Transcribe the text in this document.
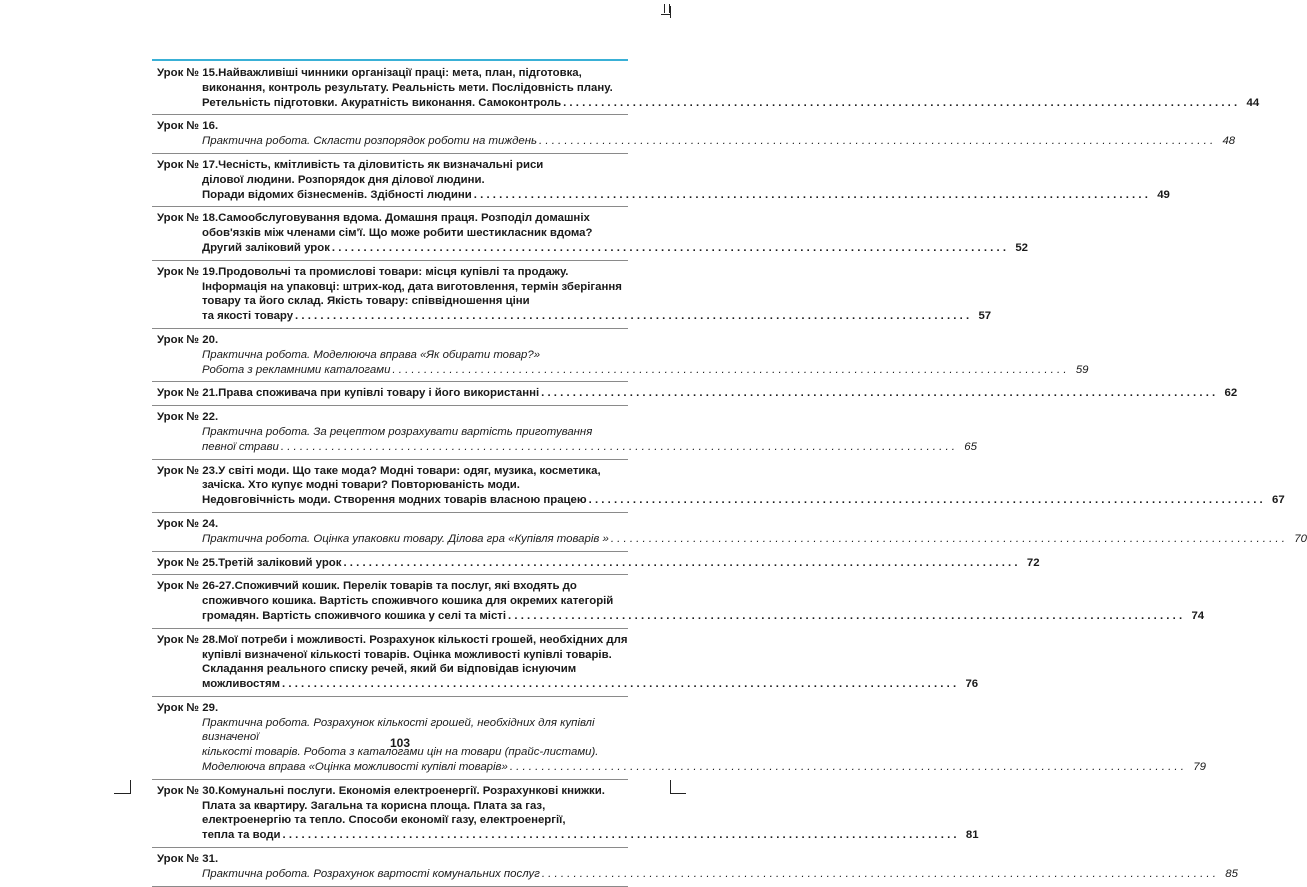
Урок № 15. Найважливіші чинники організації праці: мета, план, підготовка,
виконання, контроль результату. Реальність мети. Послідовність плану.
Ретельність підготовки. Акуратність виконання. Самоконтроль . . .	44
Урок № 16.

Практична робота. Скласти розпорядок роботи на тиждень . . .	48
Урок № 17. Чесність, кмітливість та діловитість як визначальні риси
ділової людини. Розпорядок дня ділової людини.
Поради відомих бізнесменів. Здібності людини . . .	49
Урок № 18. Самообслуговування вдома. Домашня праця. Розподіл домашніх
обов'язків між членами сім'ї. Що може робити шестикласник вдома?
Другий заліковий урок . . .	52
Урок № 19. Продовольчі та промислові товари: місця купівлі та продажу.
Інформація на упаковці: штрих-код, дата виготовлення, термін зберігання
товару та його склад. Якість товару: співвідношення ціни
та якості товару . . .	57
Урок № 20.

Практична робота. Моделююча вправа «Як обирати товар?»
Робота з рекламними каталогами . . .	59
Урок № 21. Права споживача при купівлі товару і його використанні . . .	62
Урок № 22.

Практична робота. За рецептом розрахувати вартість приготування
певної страви . . .	65
Урок № 23. У світі моди. Що таке мода? Модні товари: одяг, музика, косметика,
зачіска. Хто купує модні товари? Повторюваність моди.
Недовговічність моди. Створення модних товарів власною працею . . .	67
Урок № 24.

Практична робота. Оцінка упаковки товару. Ділова гра «Купівля товарів » . . .	70
Урок № 25. Третій заліковий урок . . .	72
Урок № 26-27. Споживчий кошик. Перелік товарів та послуг, які входять до
споживчого кошика. Вартість споживчого кошика для окремих категорій
громадян. Вартість споживчого кошика у селі та місті . . .	74
Урок № 28. Мої потреби і можливості. Розрахунок кількості грошей, необхідних для
купівлі визначеної кількості товарів. Оцінка можливості купівлі товарів.
Складання реального списку речей, який би відповідав існуючим
можливостям . . .	76
Урок № 29.

Практична робота. Розрахунок кількості грошей, необхідних для купівлі визначеної
кількості товарів. Робота з каталогами цін на товари (прайс-листами).
Моделююча вправа «Оцінка можливості купівлі товарів» . . .	79
Урок № 30. Комунальні послуги. Економія електроенергії. Розрахункові книжки.
Плата за квартиру. Загальна та корисна площа. Плата за газ,
електроенергію та тепло. Способи економії газу, електроенергії,
тепла та води . . .	81
Урок № 31.

Практична робота. Розрахунок вартості комунальних послуг . . .	85
103
